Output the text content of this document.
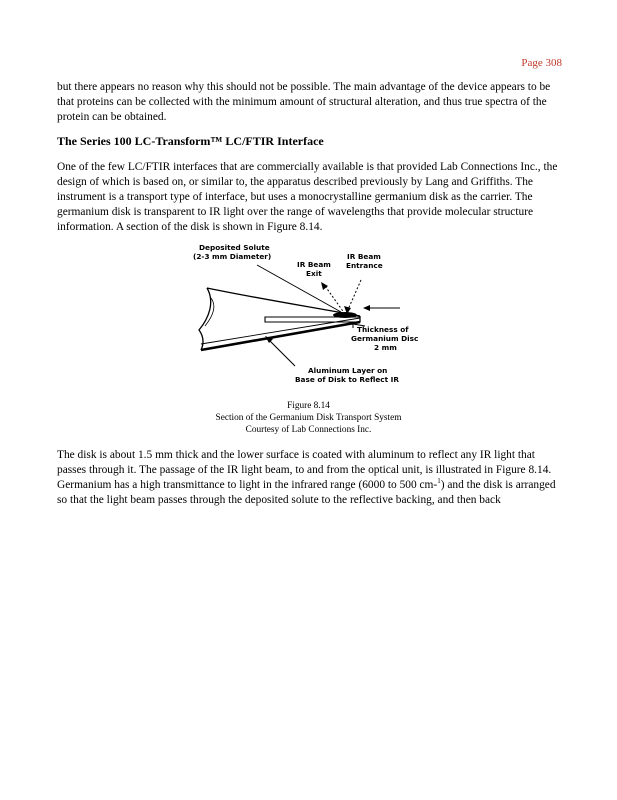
Page 308

but there appears no reason why this should not be possible. The main advantage of the device appears to be that proteins can be collected with the minimum amount of structural alteration, and thus true spectra of the protein can be obtained.

The Series 100 LC-Transform™ LC/FTIR Interface

One of the few LC/FTIR interfaces that are commercially available is that provided Lab Connections Inc., the design of which is based on, or similar to, the apparatus described previously by Lang and Griffiths. The instrument is a transport type of interface, but uses a monocrystalline germanium disk as the carrier. The germanium disk is transparent to IR light over the range of wavelengths that provide molecular structure information. A section of the disk is shown in Figure 8.14.

Deposited Solute
(2-3 mm Diameter)
IR Beam
Exit
IR Beam
Entrance
Thickness of
Germanium Disc
2 mm
Aluminum Layer on
Base of Disk to Reflect IR
Figure 8.14
Section of the Germanium Disk Transport System
Courtesy of Lab Connections Inc.

The disk is about 1.5 mm thick and the lower surface is coated with aluminum to reflect any IR light that passes through it. The passage of the IR light beam, to and from the optical unit, is illustrated in Figure 8.14. Germanium has a high transmittance to light in the infrared range (6000 to 500 cm-$^1$) and the disk is arranged so that the light beam passes through the deposited solute to the reflective backing, and then back
